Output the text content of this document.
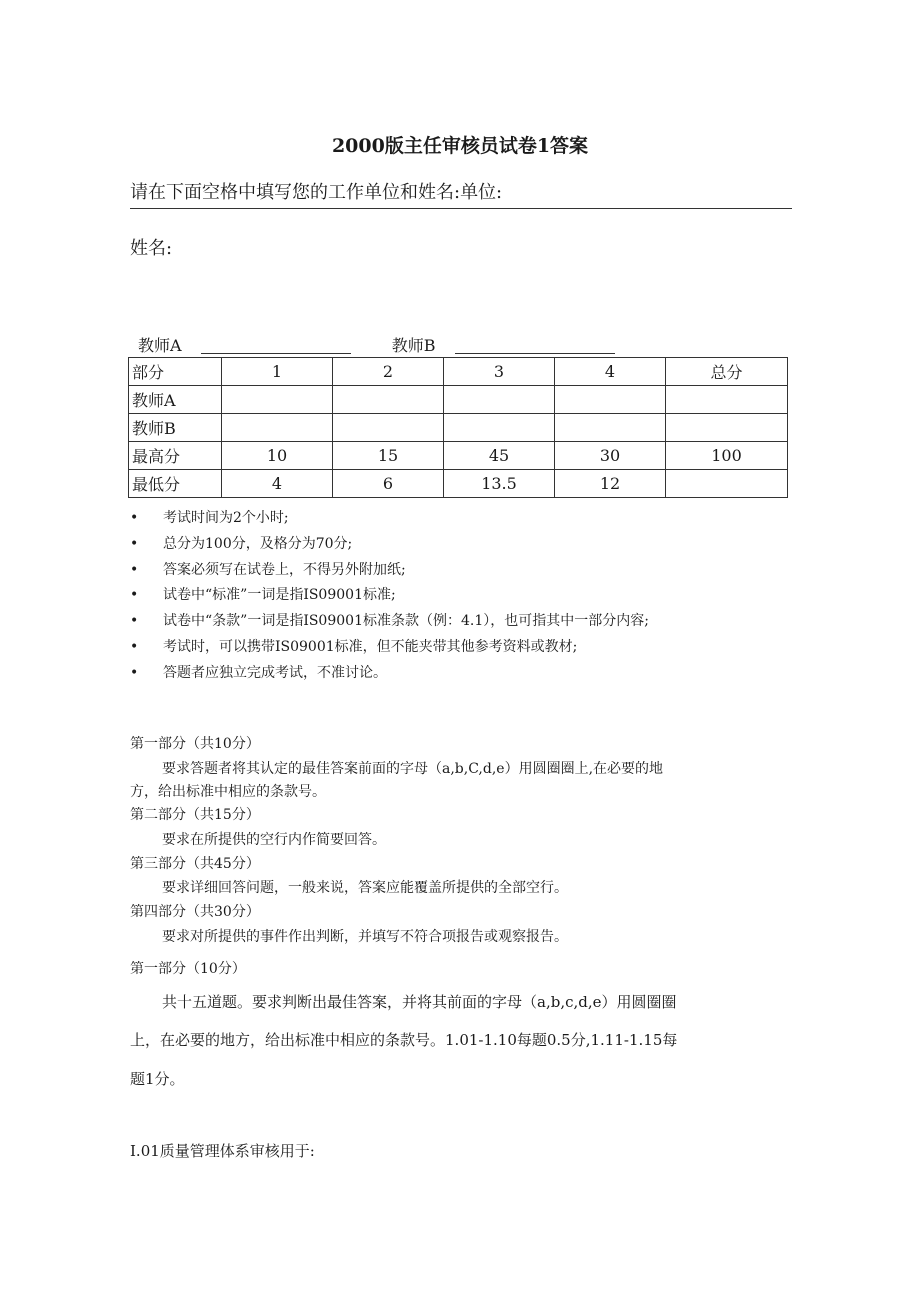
2000版主任审核员试卷1答案
请在下面空格中填写您的工作单位和姓名:单位:
姓名:
教师A	教师B
部分	1	2	3	4	总分
教师A					
教师B					
最高分	10	15	45	30	100
最低分	4	6	13.5	12	
• 考试时间为2个小时;
• 总分为100分，及格分为70分;
• 答案必须写在试卷上，不得另外附加纸;
• 试卷中“标准”一词是指IS09001标准;
• 试卷中“条款”一词是指IS09001标准条款（例：4.1），也可指其中一部分内容;
• 考试时，可以携带IS09001标准，但不能夹带其他参考资料或教材;
• 答题者应独立完成考试，不准讨论。
第一部分（共10分）
要求答题者将其认定的最佳答案前面的字母（a,b,C,d,e）用圆圈圈上,在必要的地
方，给出标准中相应的条款号。
第二部分（共15分）
要求在所提供的空行内作简要回答。
第三部分（共45分）
要求详细回答问题，一般来说，答案应能覆盖所提供的全部空行。
第四部分（共30分）
要求对所提供的事件作出判断，并填写不符合项报告或观察报告。
第一部分（10分）
共十五道题。要求判断出最佳答案，并将其前面的字母（a,b,c,d,e）用圆圈圈
上，在必要的地方，给出标准中相应的条款号。1.01-1.10每题0.5分,1.11-1.15每
题1分。
I.01质量管理体系审核用于:
